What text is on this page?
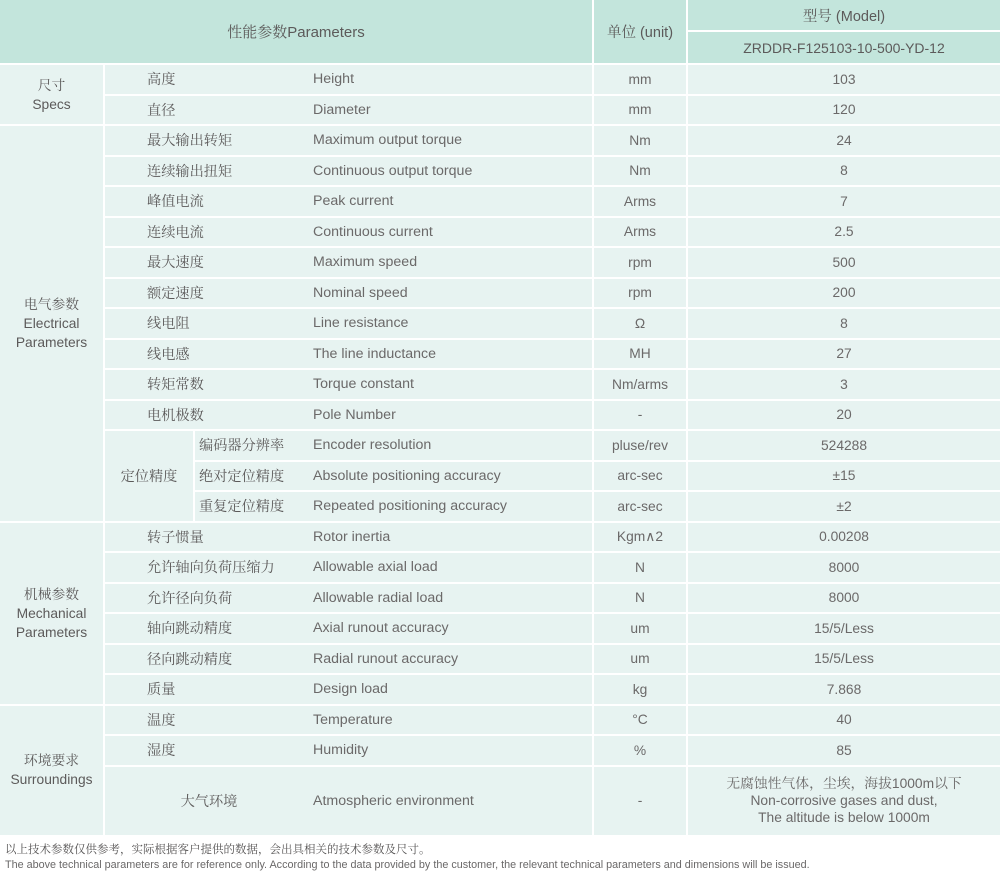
性能参数Parameters	单位 (unit)
型号 (Model)
ZRDDR-F125103-10-500-YD-12
尺寸
Specs
高度	Height	mm	103
直径	Diameter	mm	120
电气参数
Electrical
Parameters
最大输出转矩	Maximum output torque	Nm	24
连续输出扭矩	Continuous output torque	Nm	8
峰值电流	Peak current	Arms	7
连续电流	Continuous current	Arms	2.5
最大速度	Maximum speed	rpm	500
额定速度	Nominal speed	rpm	200
线电阻	Line resistance	Ω	8
线电感	The line inductance	MH	27
转矩常数	Torque constant	Nm/arms	3
电机极数	Pole Number	-	20
定位精度
编码器分辨率	Encoder resolution	pluse/rev	524288
绝对定位精度	Absolute positioning accuracy	arc-sec	±15
重复定位精度	Repeated positioning accuracy	arc-sec	±2
机械参数
Mechanical
Parameters
转子惯量	Rotor inertia	Kgm∧2	0.00208
允许轴向负荷压缩力	Allowable axial load	N	8000
允许径向负荷	Allowable radial load	N	8000
轴向跳动精度	Axial runout accuracy	um	15/5/Less
径向跳动精度	Radial runout accuracy	um	15/5/Less
质量	Design load	kg	7.868
环境要求
Surroundings
温度	Temperature	°C	40
湿度	Humidity	%	85
大气环境	Atmospheric environment	-
无腐蚀性气体，尘埃，海拔1000m以下
Non-corrosive gases and dust,
The altitude is below 1000m
以上技术参数仅供参考，实际根据客户提供的数据，会出具相关的技术参数及尺寸。
The above technical parameters are for reference only. According to the data provided by the customer, the relevant technical parameters and dimensions will be issued.
